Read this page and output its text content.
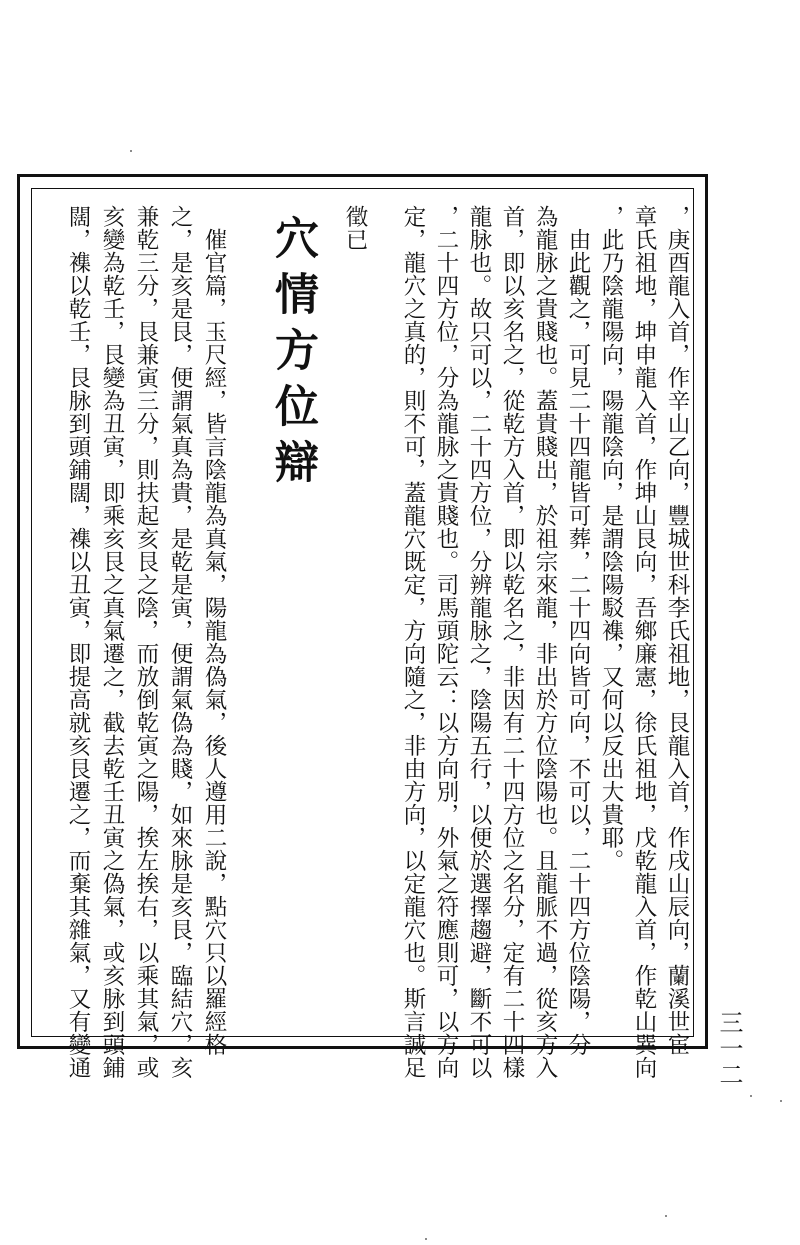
，庚酉龍入首，作辛山乙向，豐城世科李氏祖地，艮龍入首，作戌山辰向，蘭溪世宦
章氏祖地，坤申龍入首，作坤山艮向，吾鄉廉憲，徐氏祖地，戊乾龍入首，作乾山巽向
，此乃陰龍陽向，陽龍陰向，是謂陰陽駁襍，又何以反出大貴耶。
　由此觀之，可見二十四龍皆可葬，二十四向皆可向，不可以，二十四方位陰陽，分
為龍脉之貴賤也。蓋貴賤出，於祖宗來龍，非出於方位陰陽也。且龍脈不過，從亥方入
首，即以亥名之，從乾方入首，即以乾名之，非因有二十四方位之名分，定有二十四樣
龍脉也。故只可以，二十四方位，分辨龍脉之，陰陽五行，以便於選擇趨避，斷不可以
，二十四方位，分為龍脉之貴賤也。司馬頭陀云：以方向別，外氣之符應則可，以方向
定，龍穴之真的，則不可，蓋龍穴既定，方向隨之，非由方向，以定龍穴也。斯言誠足
徵已
穴情方位辯
　催官篇，玉尺經，皆言陰龍為真氣，陽龍為偽氣，後人遵用二說，點穴只以羅經格
之，是亥是艮，便謂氣真為貴，是乾是寅，便謂氣偽為賤，如來脉是亥艮，臨結穴，亥
兼乾三分，艮兼寅三分，則扶起亥艮之陰，而放倒乾寅之陽，挨左挨右，以乘其氣，或
亥變為乾壬，艮變為丑寅，即乘亥艮之真氣遷之，截去乾壬丑寅之偽氣，或亥脉到頭鋪
闊，襍以乾壬，艮脉到頭鋪闊，襍以丑寅，即提高就亥艮遷之，而棄其雜氣，又有變通	三一二
